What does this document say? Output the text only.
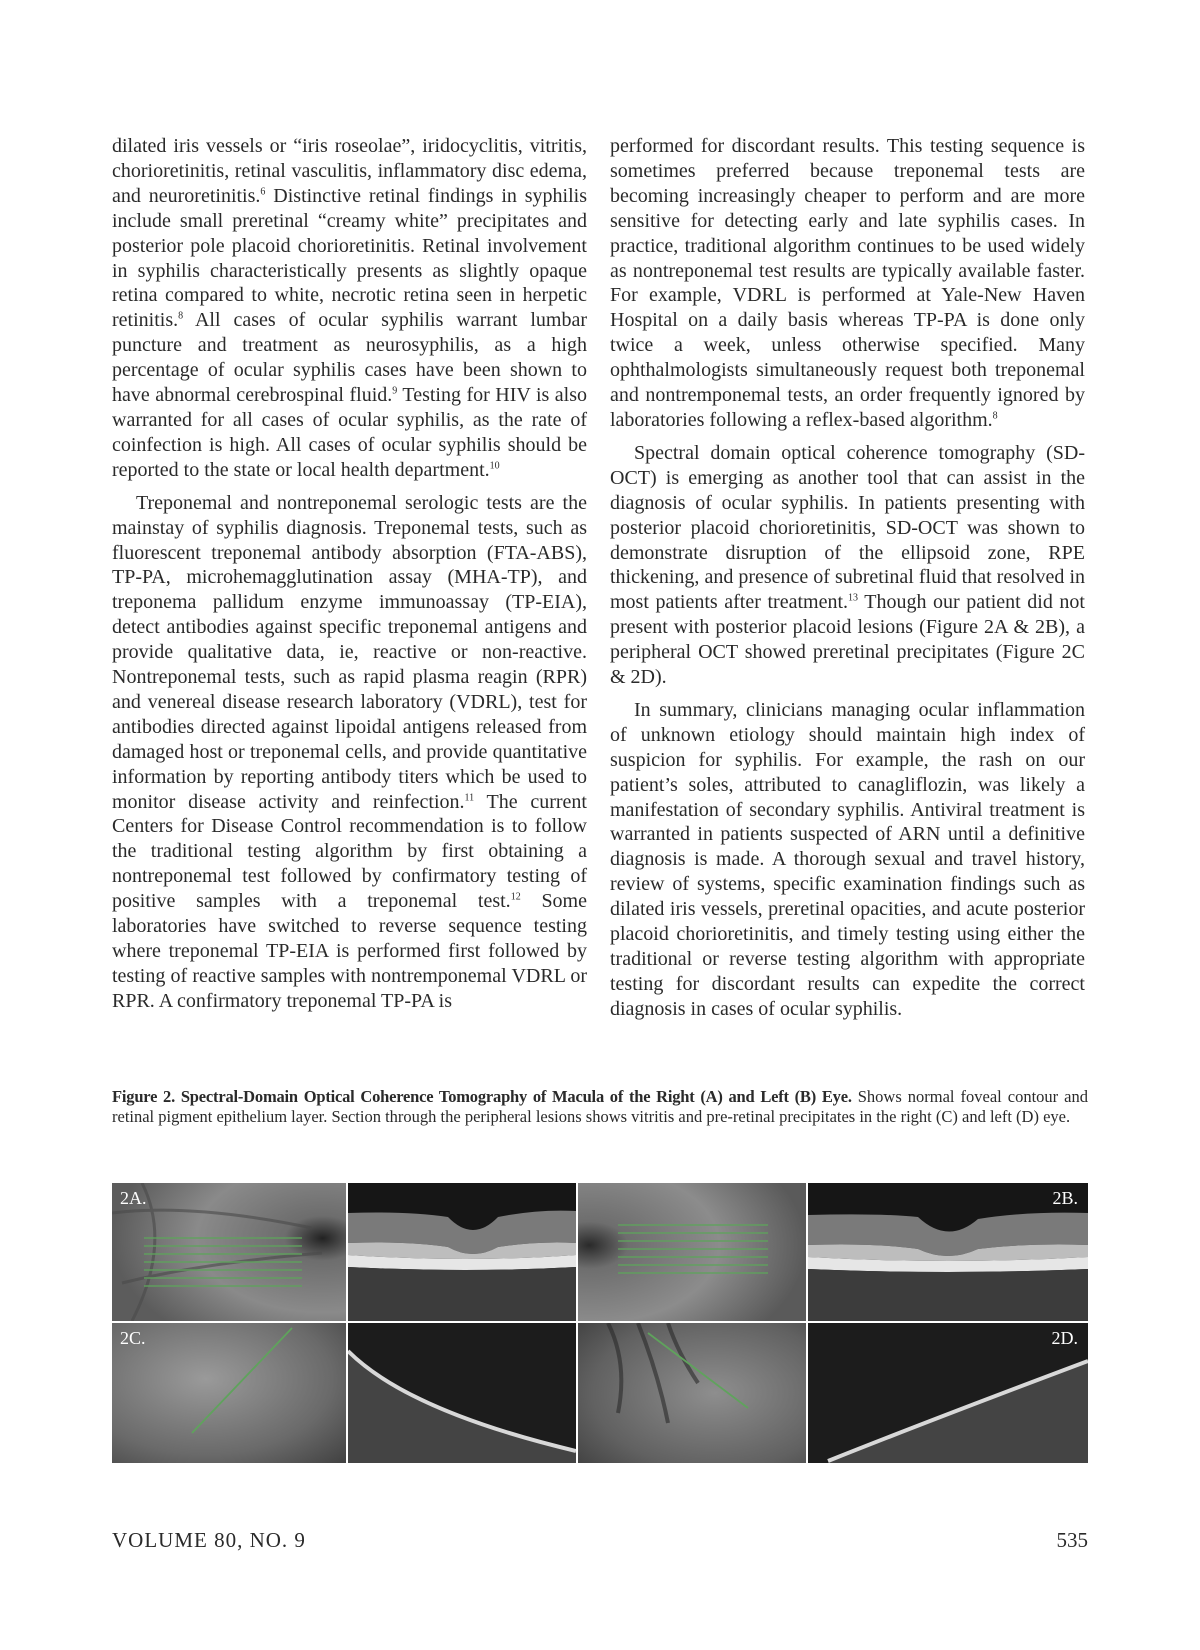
dilated iris vessels or “iris roseolae”, iridocyclitis, vitritis, chorioretinitis, retinal vasculitis, inflammatory disc edema, and neuroretinitis.$^6$ Distinctive retinal findings in syphilis include small preretinal “creamy white” precipitates and posterior pole placoid chorioretinitis. Retinal involvement in syphilis characteristically presents as slightly opaque retina compared to white, necrotic retina seen in herpetic retinitis.$^8$ All cases of ocular syphilis warrant lumbar puncture and treatment as neurosyphilis, as a high percentage of ocular syphilis cases have been shown to have abnormal cerebrospinal fluid.$^9$ Testing for HIV is also warranted for all cases of ocular syphilis, as the rate of coinfection is high. All cases of ocular syphilis should be reported to the state or local health department.$^{10}$

Treponemal and nontreponemal serologic tests are the mainstay of syphilis diagnosis. Treponemal tests, such as fluorescent treponemal antibody absorption (FTA-ABS), TP-PA, microhemagglutination assay (MHA-TP), and treponema pallidum enzyme immunoassay (TP-EIA), detect antibodies against specific treponemal antigens and provide qualitative data, ie, reactive or non-reactive. Nontreponemal tests, such as rapid plasma reagin (RPR) and venereal disease research laboratory (VDRL), test for antibodies directed against lipoidal antigens released from damaged host or treponemal cells, and provide quantitative information by reporting antibody titers which be used to monitor disease activity and reinfection.$^{11}$ The current Centers for Disease Control recommendation is to follow the traditional testing algorithm by first obtaining a nontreponemal test followed by confirmatory testing of positive samples with a treponemal test.$^{12}$ Some laboratories have switched to reverse sequence testing where treponemal TP-EIA is performed first followed by testing of reactive samples with nontremponemal VDRL or RPR. A confirmatory treponemal TP-PA is

performed for discordant results. This testing sequence is sometimes preferred because treponemal tests are becoming increasingly cheaper to perform and are more sensitive for detecting early and late syphilis cases. In practice, traditional algorithm continues to be used widely as nontreponemal test results are typically available faster. For example, VDRL is performed at Yale-New Haven Hospital on a daily basis whereas TP-PA is done only twice a week, unless otherwise specified. Many ophthalmologists simultaneously request both treponemal and nontremponemal tests, an order frequently ignored by laboratories following a reflex-based algorithm.$^8$

Spectral domain optical coherence tomography (SD-OCT) is emerging as another tool that can assist in the diagnosis of ocular syphilis. In patients presenting with posterior placoid chorioretinitis, SD-OCT was shown to demonstrate disruption of the ellipsoid zone, RPE thickening, and presence of subretinal fluid that resolved in most patients after treatment.$^{13}$ Though our patient did not present with posterior placoid lesions (Figure 2A & 2B), a peripheral OCT showed preretinal precipitates (Figure 2C & 2D).

In summary, clinicians managing ocular inflammation of unknown etiology should maintain high index of suspicion for syphilis. For example, the rash on our patient’s soles, attributed to canagliflozin, was likely a manifestation of secondary syphilis. Antiviral treatment is warranted in patients suspected of ARN until a definitive diagnosis is made. A thorough sexual and travel history, review of systems, specific examination findings such as dilated iris vessels, preretinal opacities, and acute posterior placoid chorioretinitis, and timely testing using either the traditional or reverse testing algorithm with appropriate testing for discordant results can expedite the correct diagnosis in cases of ocular syphilis.

Figure 2. Spectral-Domain Optical Coherence Tomography of Macula of the Right (A) and Left (B) Eye. Shows normal foveal contour and retinal pigment epithelium layer. Section through the peripheral lesions shows vitritis and pre-retinal precipitates in the right (C) and left (D) eye.
2A.	2B.
2C.	2D.
VOLUME 80, NO. 9	535
